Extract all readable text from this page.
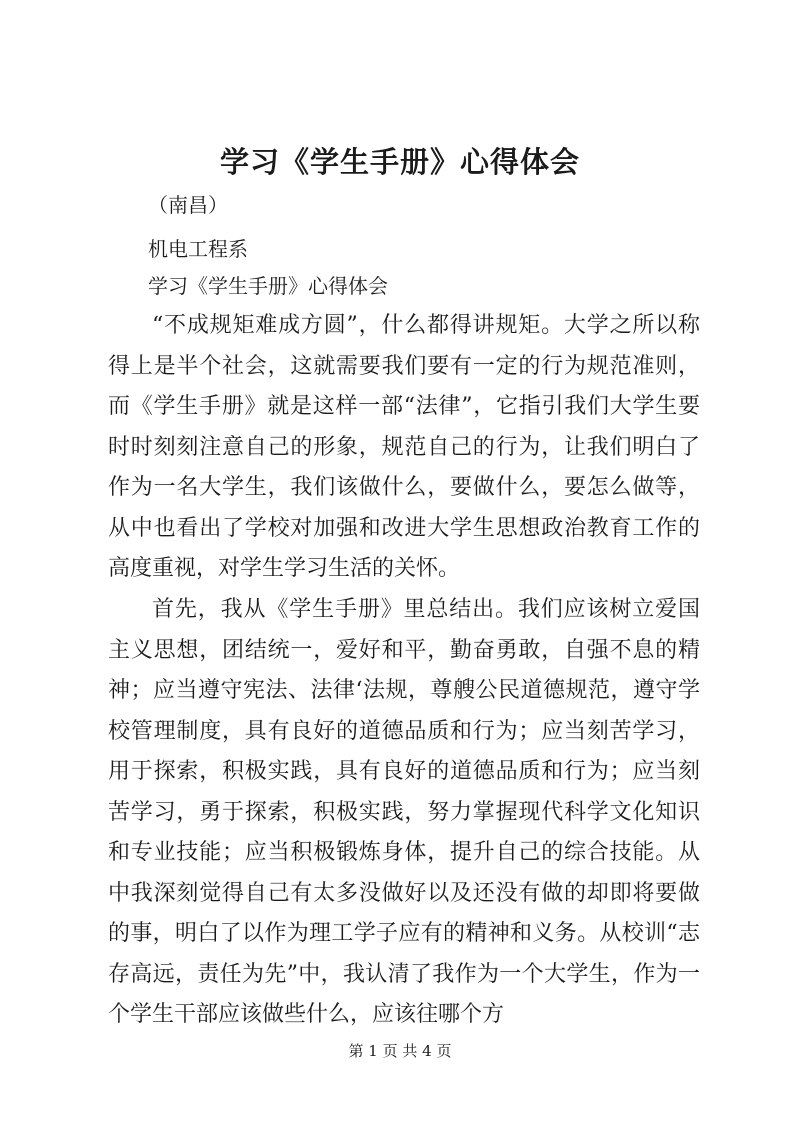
学习《学生手册》心得体会
（南昌）
机电工程系
学习《学生手册》心得体会

“不成规矩难成方圆”，什么都得讲规矩。大学之所以称得上是半个社会，这就需要我们要有一定的行为规范准则，而《学生手册》就是这样一部“法律”，它指引我们大学生要时时刻刻注意自己的形象，规范自己的行为，让我们明白了作为一名大学生，我们该做什么，要做什么，要怎么做等，从中也看出了学校对加强和改进大学生思想政治教育工作的高度重视，对学生学习生活的关怀。

首先，我从《学生手册》里总结出。我们应该树立爱国主义思想，团结统一，爱好和平，勤奋勇敢，自强不息的精神；应当遵守宪法、法律‘法规，尊艘公民道德规范，遵守学校管理制度，具有良好的道德品质和行为；应当刻苦学习，用于探索，积极实践，具有良好的道德品质和行为；应当刻苦学习，勇于探索，积极实践，努力掌握现代科学文化知识和专业技能；应当积极锻炼身体，提升自己的综合技能。从中我深刻觉得自己有太多没做好以及还没有做的却即将要做的事，明白了以作为理工学子应有的精神和义务。从校训“志存高远，责任为先”中，我认清了我作为一个大学生，作为一个学生干部应该做些什么，应该往哪个方

第 1 页 共 4 页
